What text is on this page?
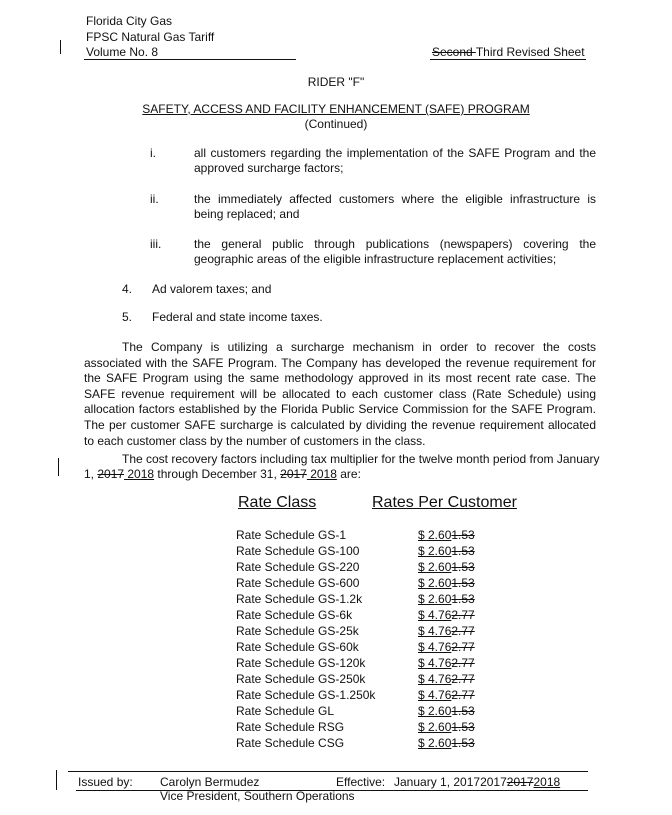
Florida City Gas
FPSC Natural Gas Tariff
Volume No. 8	Second Third Revised Sheet
RIDER "F"
SAFETY, ACCESS AND FACILITY ENHANCEMENT (SAFE) PROGRAM
(Continued)
i.	all customers regarding the implementation of the SAFE Program and the approved surcharge factors;
ii.	the immediately affected customers where the eligible infrastructure is being replaced; and
iii.	the general public through publications (newspapers) covering the geographic areas of the eligible infrastructure replacement activities;
4. Ad valorem taxes; and
5. Federal and state income taxes.
The Company is utilizing a surcharge mechanism in order to recover the costs associated with the SAFE Program. The Company has developed the revenue requirement for the SAFE Program using the same methodology approved in its most recent rate case. The SAFE revenue requirement will be allocated to each customer class (Rate Schedule) using allocation factors established by the Florida Public Service Commission for the SAFE Program. The per customer SAFE surcharge is calculated by dividing the revenue requirement allocated to each customer class by the number of customers in the class.
The cost recovery factors including tax multiplier for the twelve month period from January
1, 2017 2018 through December 31, 2017 2018 are:
Rate Class	Rates Per Customer
Rate Schedule GS-1	$ 2.601.53
Rate Schedule GS-100	$ 2.601.53
Rate Schedule GS-220	$ 2.601.53
Rate Schedule GS-600	$ 2.601.53
Rate Schedule GS-1.2k	$ 2.601.53
Rate Schedule GS-6k	$ 4.762.77
Rate Schedule GS-25k	$ 4.762.77
Rate Schedule GS-60k	$ 4.762.77
Rate Schedule GS-120k	$ 4.762.77
Rate Schedule GS-250k	$ 4.762.77
Rate Schedule GS-1.250k	$ 4.762.77
Rate Schedule GL	$ 2.601.53
Rate Schedule RSG	$ 2.601.53
Rate Schedule CSG	$ 2.601.53
Issued by: Carolyn Bermudez	Effective: January 1, 2017201720172018
Vice President, Southern Operations
